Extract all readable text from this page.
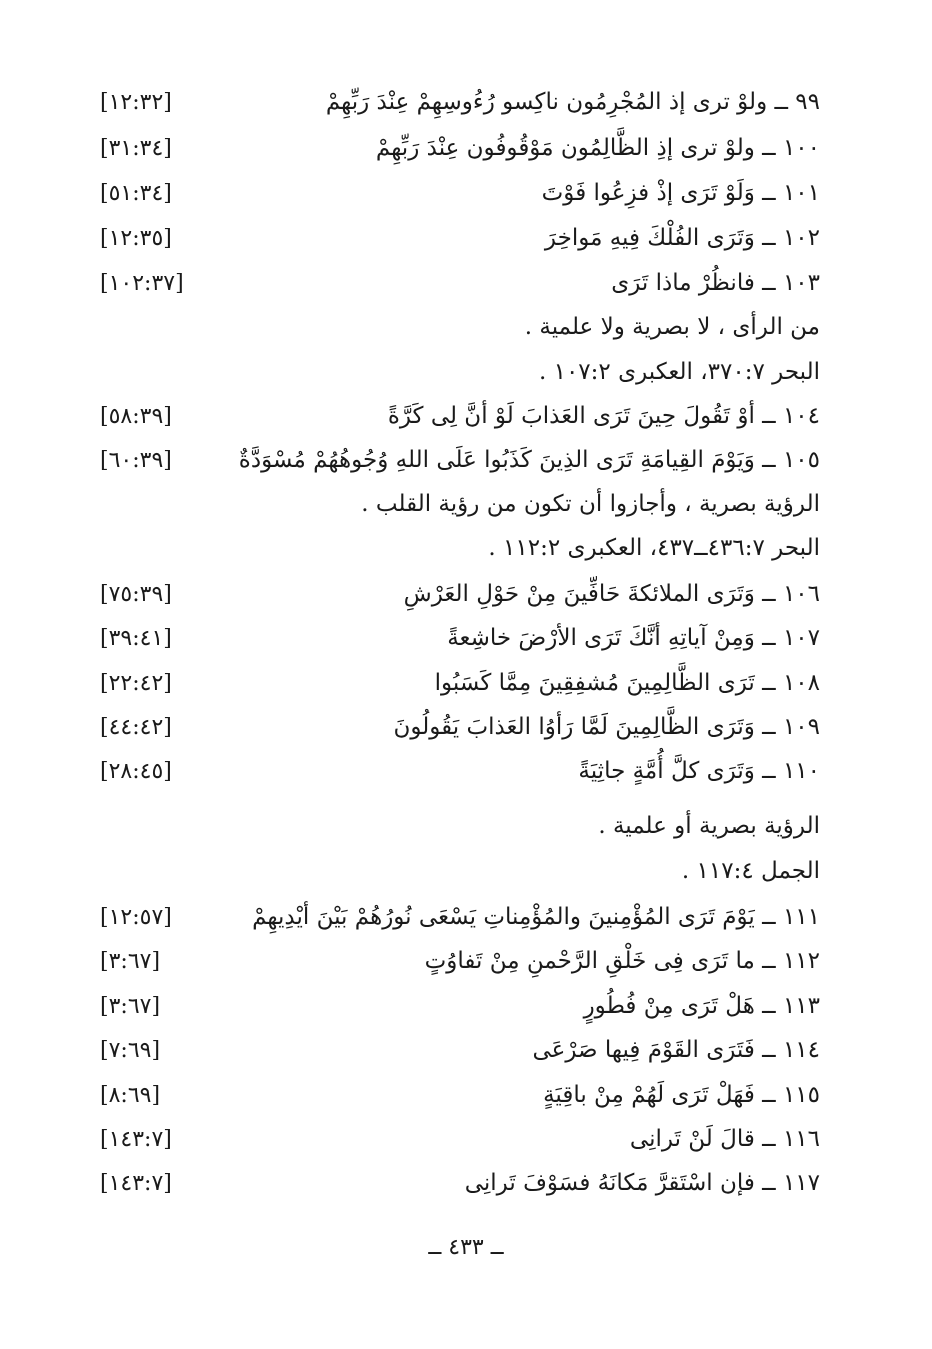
٩٩ ــ ولوْ ترى إذ المُجْرِمُون ناكِسو رُءُوسِهِمْ عِنْدَ رَبِّهِمْ
[١٢:٣٢]
١٠٠ ــ ولوْ ترى إذِ الظَّالِمُون مَوْقُوفُون عِنْدَ رَبِّهِمْ
[٣١:٣٤]
١٠١ ــ وَلَوْ تَرَى إذْ فزِعُوا فَوْتَ
[٥١:٣٤]
١٠٢ ــ وَتَرَى الفُلْكَ فِيهِ مَواخِرَ
[١٢:٣٥]
١٠٣ ــ فانظُرْ ماذا تَرَى
[١٠٢:٣٧]
من الرأى ، لا بصرية ولا علمية .
البحر ٣٧٠:٧، العكبرى ١٠٧:٢ .
١٠٤ ــ أوْ تَقُولَ حِينَ تَرَى العَذابَ لَوْ أنَّ لِى كَرَّةً
[٥٨:٣٩]
١٠٥ ــ وَيَوْمَ القِيامَةِ تَرَى الذِينَ كَذَبُوا عَلَى اللهِ وُجُوهُهُمْ مُسْوَدَّةٌ
[٦٠:٣٩]
الرؤية بصرية ، وأجازوا أن تكون من رؤية القلب .
البحر ٤٣٦:٧ــ٤٣٧، العكبرى ١١٢:٢ .
١٠٦ ــ وَتَرَى الملائكةَ حَافِّينَ مِنْ حَوْلِ العَرْشِ
[٧٥:٣٩]
١٠٧ ــ وَمِنْ آياتِهِ أنَّكَ تَرَى الأرْضَ خاشِعةً
[٣٩:٤١]
١٠٨ ــ تَرَى الظَّالِمِينَ مُشفِقِينَ مِمَّا كَسَبُوا
[٢٢:٤٢]
١٠٩ ــ وَتَرَى الظَّالِمِينَ لَمَّا رَأوُا العَذابَ يَقُولُونَ
[٤٤:٤٢]
١١٠ ــ وَتَرَى كلَّ أُمَّةٍ جاثِيَةً
[٢٨:٤٥]
الرؤية بصرية أو علمية .
الجمل ١١٧:٤ .
١١١ ــ يَوْمَ تَرَى المُؤْمِنينَ والمُؤْمِناتِ يَسْعَى نُورُهُمْ بَيْنَ أيْدِيهِمْ
[١٢:٥٧]
١١٢ ــ ما تَرَى فِى خَلْقِ الرَّحْمنِ مِنْ تَفاوُتٍ
[٣:٦٧]
١١٣ ــ هَلْ تَرَى مِنْ فُطُورٍ
[٣:٦٧]
١١٤ ــ فَتَرَى القَوْمَ فِيها صَرْعَى
[٧:٦٩]
١١٥ ــ فَهَلْ تَرَى لَهُمْ مِنْ باقِيَةٍ
[٨:٦٩]
١١٦ ــ قالَ لَنْ تَرانِى
[١٤٣:٧]
١١٧ ــ فإن اسْتَقرَّ مَكانَهُ فسَوْفَ تَرانِى
[١٤٣:٧]
ــ ٤٣٣ ــ
